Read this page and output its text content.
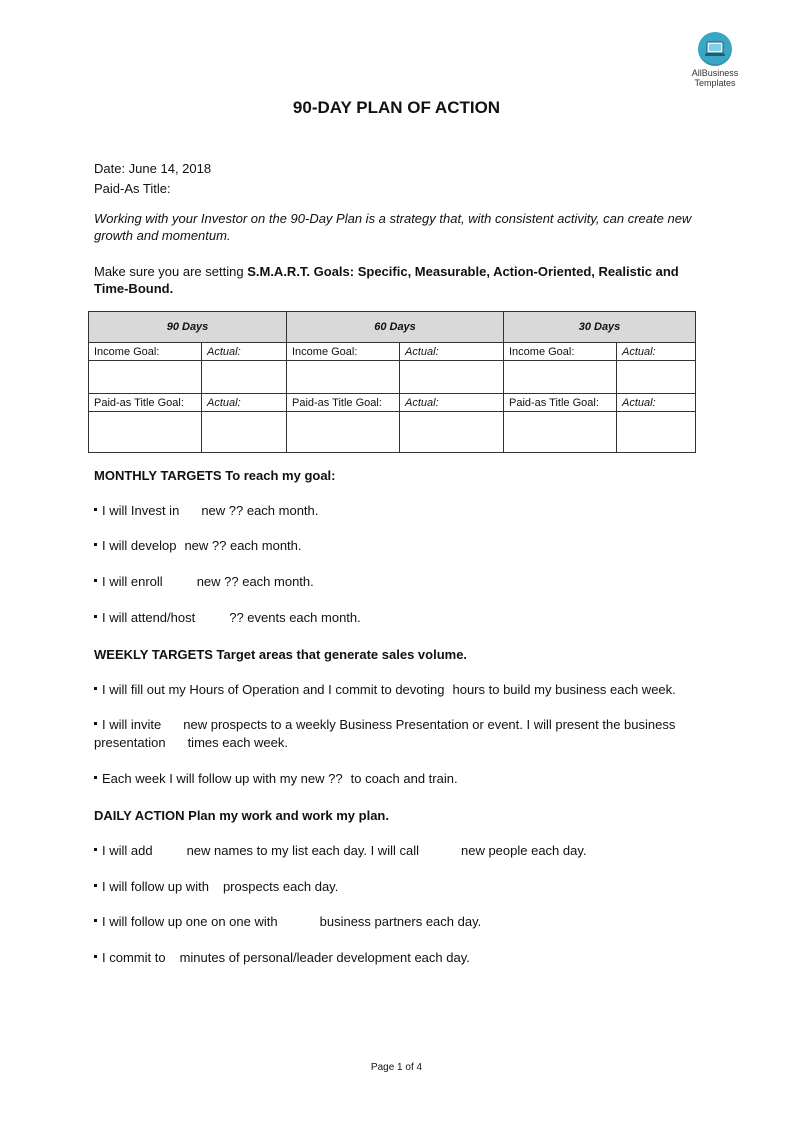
AllBusiness
Templates
90-DAY PLAN OF ACTION
Date: June 14, 2018
Paid-As Title:
Working with your Investor on the 90-Day Plan is a strategy that, with consistent activity, can create new growth and momentum.
Make sure you are setting S.M.A.R.T. Goals: Specific, Measurable, Action-Oriented, Realistic and Time-Bound.
90 Days		60 Days		30 Days	
Income Goal:	Actual:	Income Goal:	Actual:	Income Goal:	Actual:

Paid-as Title Goal:	Actual:	Paid-as Title Goal:	Actual:	Paid-as Title Goal:	Actual:

MONTHLY TARGETS To reach my goal:
I will Invest in new ?? each month.
I will develop new ?? each month.
I will enroll	new ?? each month.
I will attend/host	?? events each month.
WEEKLY TARGETS Target areas that generate sales volume.
I will fill out my Hours of Operation and I commit to devoting hours to build my business each week.
I will invite new prospects to a weekly Business Presentation or event. I will present the business presentation times each week.
Each week I will follow up with my new ?? to coach and train.
DAILY ACTION Plan my work and work my plan.
I will add	new names to my list each day. I will call	new people each day.
I will follow up with prospects each day.
I will follow up one on one with	business partners each day.
I commit to minutes of personal/leader development each day.
Page 1 of 4
